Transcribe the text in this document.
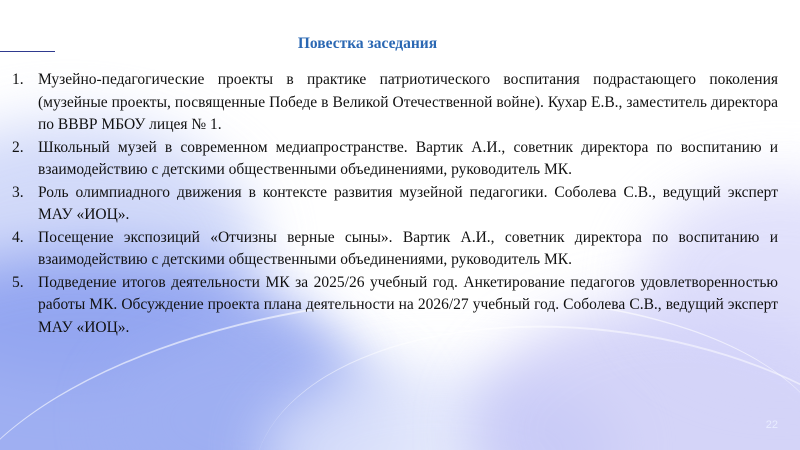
Повестка заседания
1. Музейно-педагогические проекты в практике патриотического воспитания подрастающего поколения (музейные проекты, посвященные Победе в Великой Отечественной войне). Кухар Е.В., заместитель директора по ВВВР МБОУ лицея № 1.
2. Школьный музей в современном медиапространстве. Вартик А.И., советник директора по воспитанию и взаимодействию с детскими общественными объединениями, руководитель МК.
3. Роль олимпиадного движения в контексте развития музейной педагогики. Соболева С.В., ведущий эксперт МАУ «ИОЦ».
4. Посещение экспозиций «Отчизны верные сыны». Вартик А.И., советник директора по воспитанию и взаимодействию с детскими общественными объединениями, руководитель МК.
5. Подведение итогов деятельности МК за 2025/26 учебный год. Анкетирование педагогов удовлетворенностью работы МК. Обсуждение проекта плана деятельности на 2026/27 учебный год. Соболева С.В., ведущий эксперт МАУ «ИОЦ».
22
